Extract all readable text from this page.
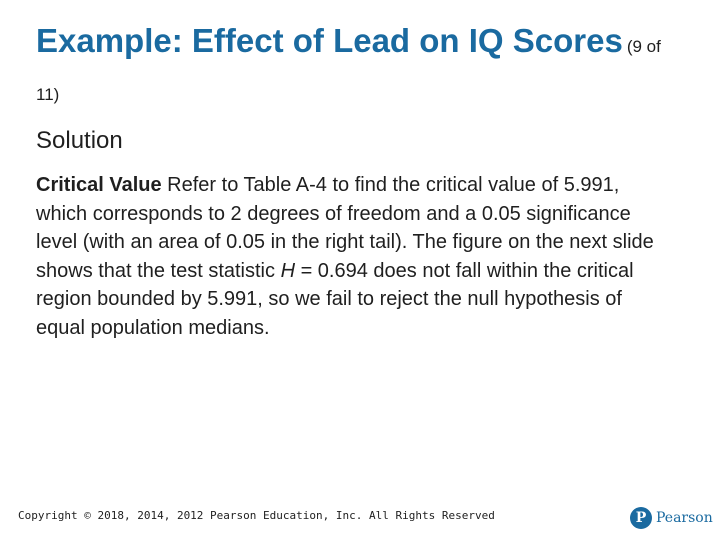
Example: Effect of Lead on IQ Scores (9 of 11)
Solution

Critical Value Refer to Table A-4 to find the critical value of 5.991, which corresponds to 2 degrees of freedom and a 0.05 significance level (with an area of 0.05 in the right tail). The figure on the next slide shows that the test statistic H = 0.694 does not fall within the critical region bounded by 5.991, so we fail to reject the null hypothesis of equal population medians.

Copyright © 2018, 2014, 2012 Pearson Education, Inc. All Rights Reserved	P Pearson
